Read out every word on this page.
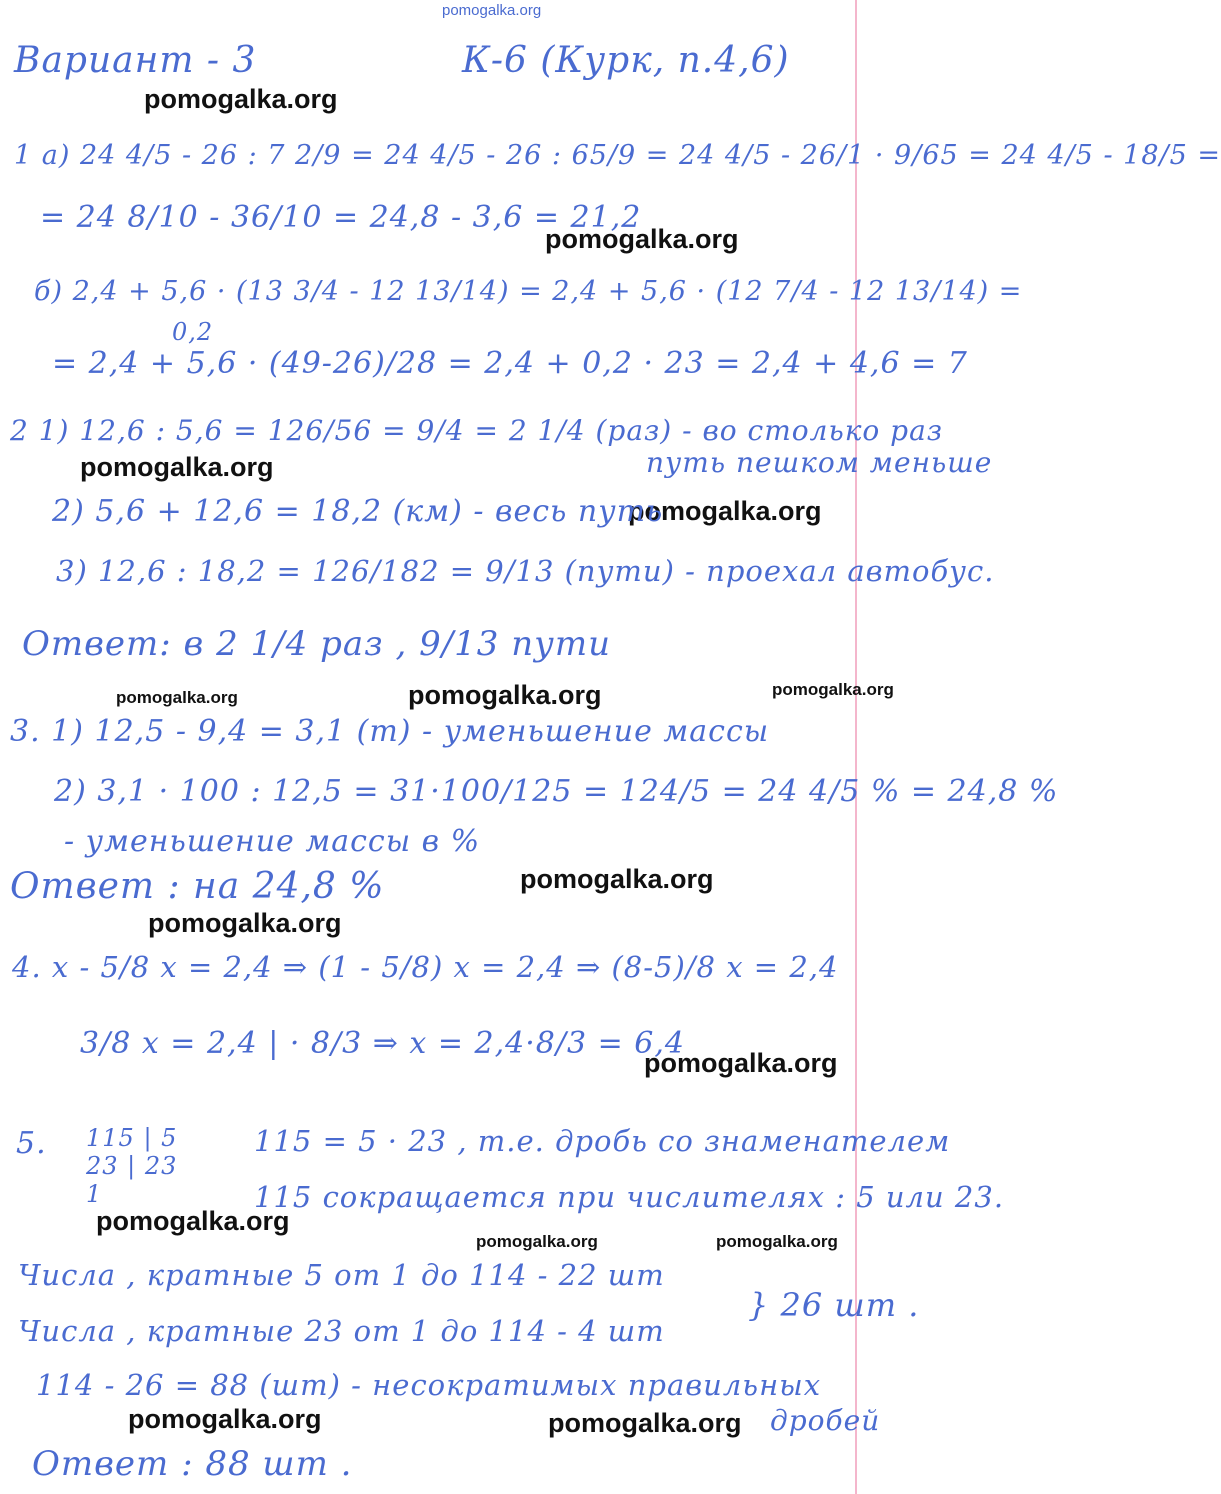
pomogalka.org
pomogalka.org
pomogalka.org
pomogalka.org
pomogalka.org
pomogalka.org	pomogalka.org	pomogalka.org
pomogalka.org
pomogalka.org
pomogalka.org
pomogalka.org
pomogalka.org	pomogalka.org
pomogalka.org	pomogalka.org
Вариант - 3	К-6 (Курк, п.4,6)
1 а) 24 4/5 - 26 : 7 2/9 = 24 4/5 - 26 : 65/9 = 24 4/5 - 26/1 · 9/65 = 24 4/5 - 18/5 =
= 24 8/10 - 36/10 = 24,8 - 3,6 = 21,2
б) 2,4 + 5,6 · (13 3/4 - 12 13/14) = 2,4 + 5,6 · (12 7/4 - 12 13/14) =
0,2
= 2,4 + 5,6 · (49-26)/28 = 2,4 + 0,2 · 23 = 2,4 + 4,6 = 7
2 1) 12,6 : 5,6 = 126/56 = 9/4 = 2 1/4 (раз) - во столько раз
путь пешком меньше
2) 5,6 + 12,6 = 18,2 (км) - весь путь
3) 12,6 : 18,2 = 126/182 = 9/13 (пути) - проехал автобус.
Ответ: в 2 1/4 раз , 9/13 пути
3. 1) 12,5 - 9,4 = 3,1 (т) - уменьшение массы
2) 3,1 · 100 : 12,5 = 31·100/125 = 124/5 = 24 4/5 % = 24,8 %
- уменьшение массы в %
Ответ : на 24,8 %
4. x - 5/8 x = 2,4 ⇒ (1 - 5/8) x = 2,4 ⇒ (8-5)/8 x = 2,4
3/8 x = 2,4 | · 8/3 ⇒ x = 2,4·8/3 = 6,4
5. 115 | 5
23 | 23
1
115 = 5 · 23 , т.е. дробь со знаменателем
115 сокращается при числителях : 5 или 23.
Числа , кратные 5 от 1 до 114 - 22 шт
Числа , кратные 23 от 1 до 114 - 4 шт
} 26 шт .
114 - 26 = 88 (шт) - несократимых правильных
дробей
Ответ : 88 шт .
